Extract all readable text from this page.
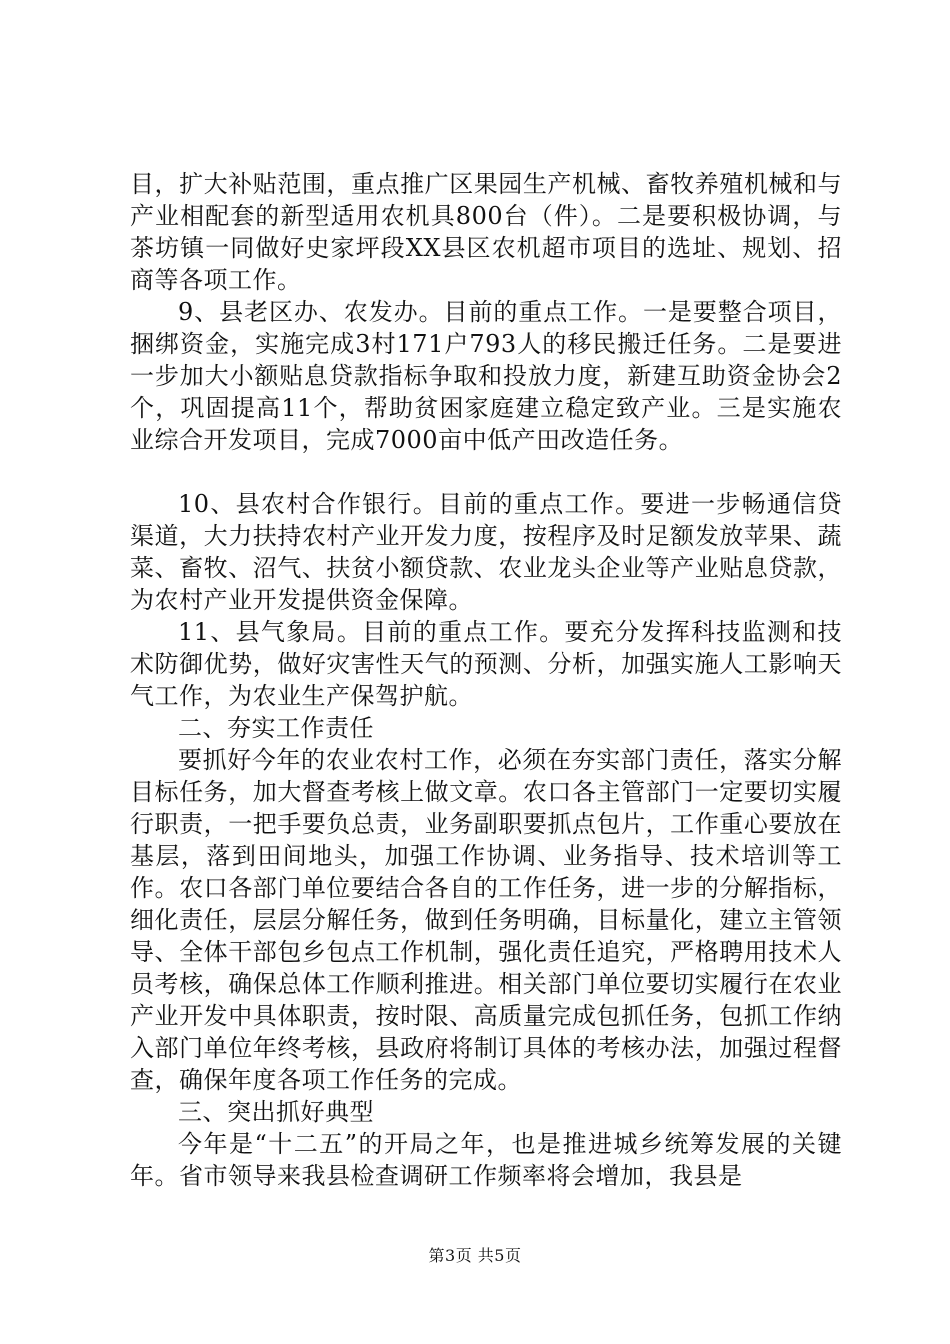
目，扩大补贴范围，重点推广区果园生产机械、畜牧养殖机械和与产业相配套的新型适用农机具800台（件）。二是要积极协调，与茶坊镇一同做好史家坪段XX县区农机超市项目的选址、规划、招商等各项工作。

9、县老区办、农发办。目前的重点工作。一是要整合项目，捆绑资金，实施完成3村171户793人的移民搬迁任务。二是要进一步加大小额贴息贷款指标争取和投放力度，新建互助资金协会2个，巩固提高11个，帮助贫困家庭建立稳定致产业。三是实施农业综合开发项目，完成7000亩中低产田改造任务。

10、县农村合作银行。目前的重点工作。要进一步畅通信贷渠道，大力扶持农村产业开发力度，按程序及时足额发放苹果、蔬菜、畜牧、沼气、扶贫小额贷款、农业龙头企业等产业贴息贷款，为农村产业开发提供资金保障。

11、县气象局。目前的重点工作。要充分发挥科技监测和技术防御优势，做好灾害性天气的预测、分析，加强实施人工影响天气工作，为农业生产保驾护航。

二、夯实工作责任

要抓好今年的农业农村工作，必须在夯实部门责任，落实分解目标任务，加大督查考核上做文章。农口各主管部门一定要切实履行职责，一把手要负总责，业务副职要抓点包片，工作重心要放在基层，落到田间地头，加强工作协调、业务指导、技术培训等工作。农口各部门单位要结合各自的工作任务，进一步的分解指标，细化责任，层层分解任务，做到任务明确，目标量化，建立主管领导、全体干部包乡包点工作机制，强化责任追究，严格聘用技术人员考核，确保总体工作顺利推进。相关部门单位要切实履行在农业产业开发中具体职责，按时限、高质量完成包抓任务，包抓工作纳入部门单位年终考核，县政府将制订具体的考核办法，加强过程督查，确保年度各项工作任务的完成。

三、突出抓好典型

今年是“十二五”的开局之年，也是推进城乡统筹发展的关键年。省市领导来我县检查调研工作频率将会增加，我县是

第3页 共5页
